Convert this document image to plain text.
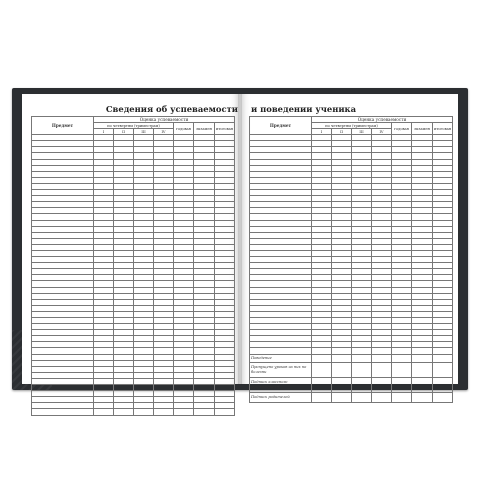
Сведения об успеваемости и поведении ученика
Предмет	Оценка успеваемости						
	по четвертям (триместрам)				годовая	экзамен	итоговая
	I	II	III	IV			

Предмет	Оценка успеваемости						
	по четвертям (триместрам)				годовая	экзамен	итоговая
	I	II	III	IV			

Поведение							
Пропущено уроков из них по болезни							
Подпись классного руководителя							
Подпись родителей							
